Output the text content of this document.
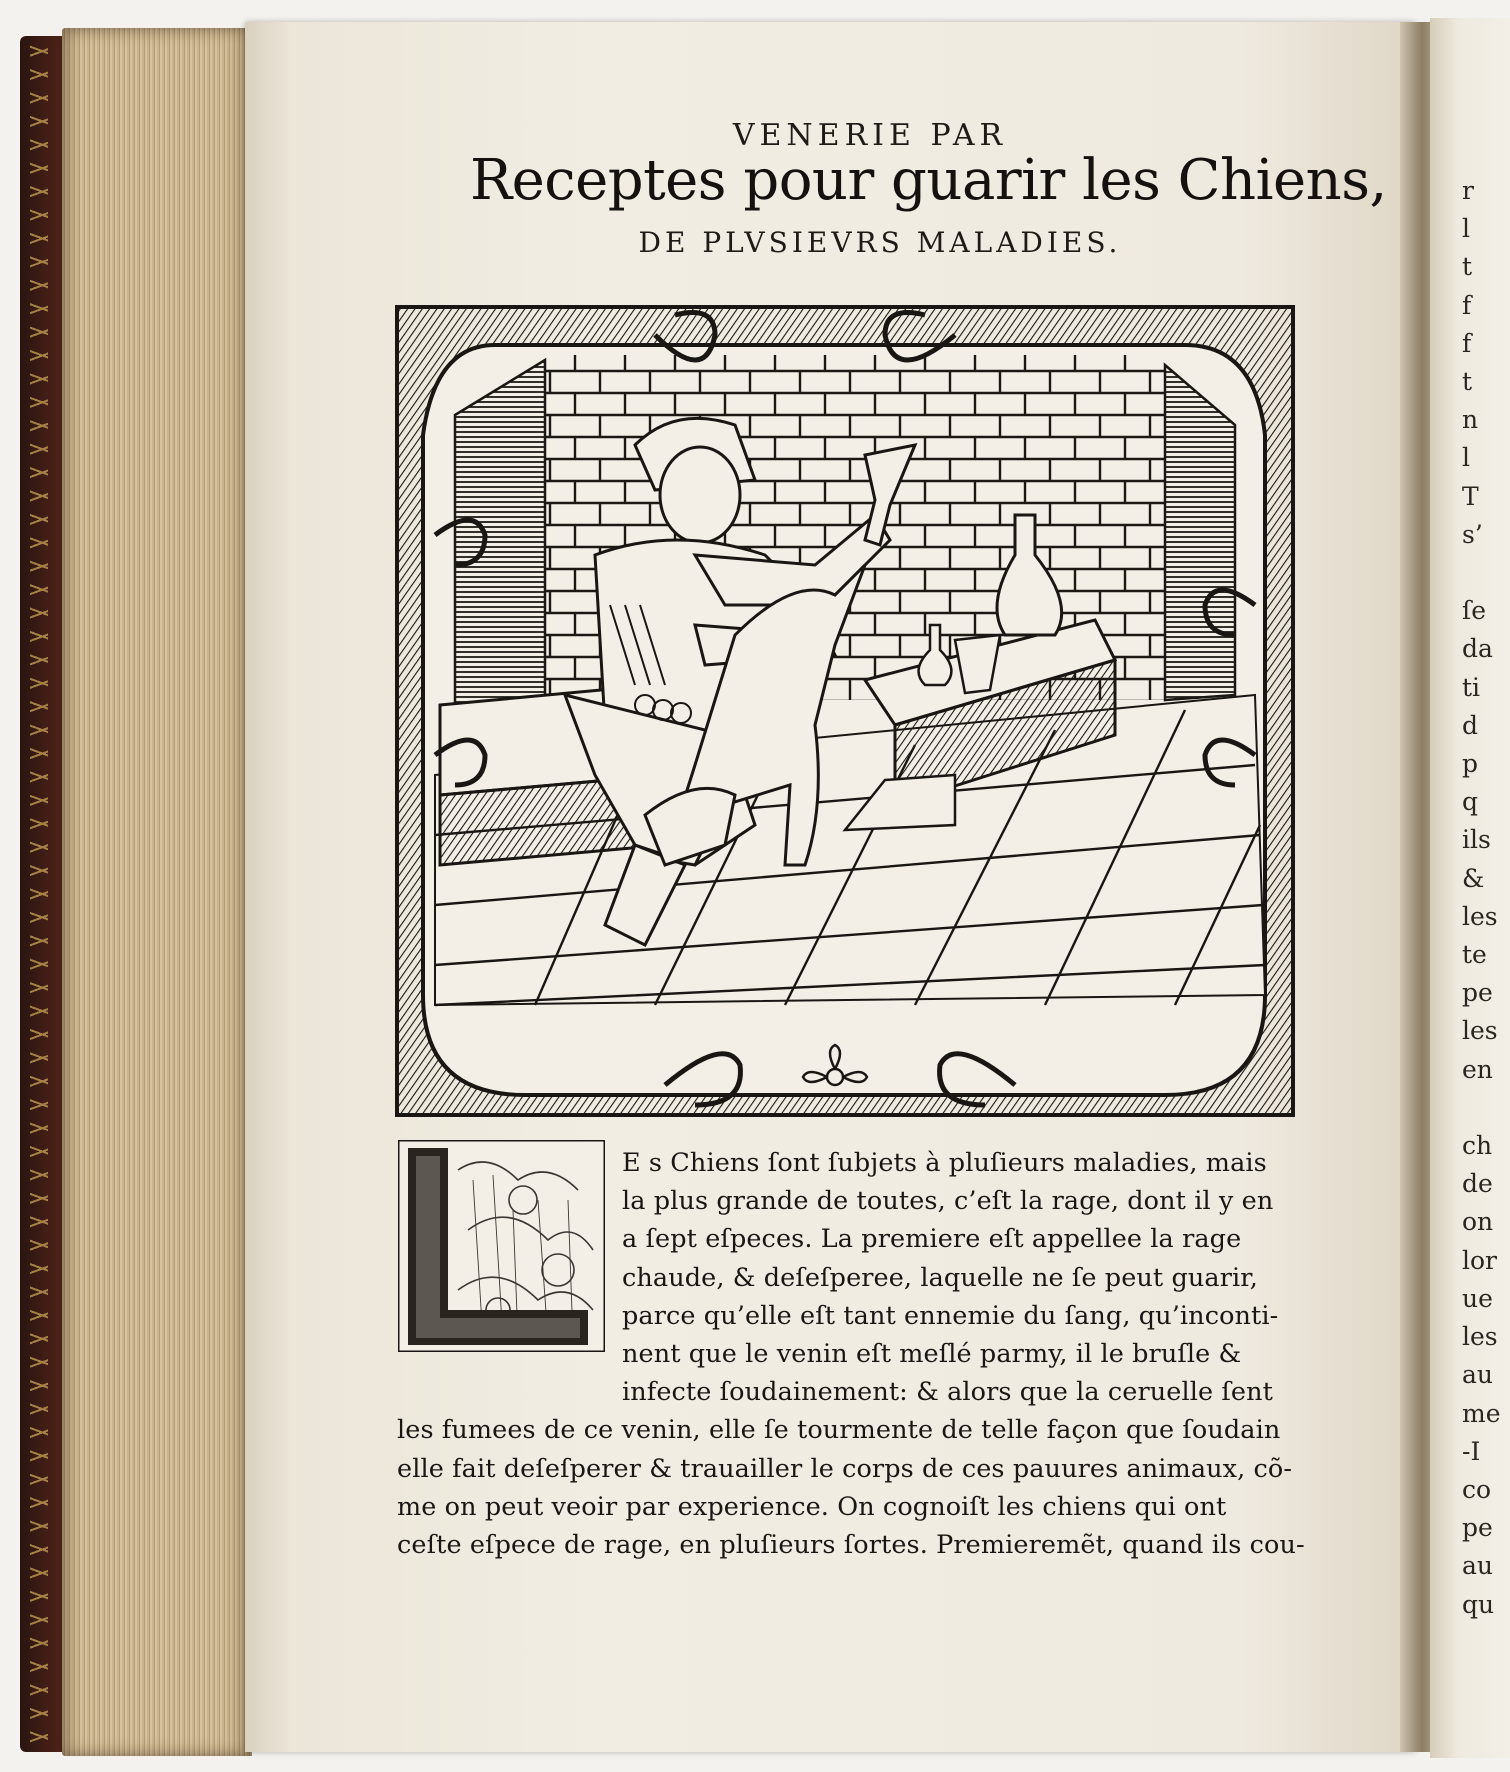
r
l
t
f
f
t
n
l
T
s’

ſe
da
ti
d
p
q
ils
&
les
te
pe
les
en

ch
de
on
lor
ue
les
au
me
-I
co
pe
au
qu
VENERIE PAR
Receptes pour guarir les Chiens,
DE PLVSIEVRS MALADIES.
E s Chiens ſont ſubjets à pluſieurs maladies, mais
la plus grande de toutes, c’eſt la rage, dont il y en
a ſept eſpeces. La premiere eſt appellee la rage
chaude, & deſeſperee, laquelle ne ſe peut guarir,
parce qu’elle eſt tant ennemie du ſang, qu’inconti-
nent que le venin eſt meſlé parmy, il le bruſle &
infecte ſoudainement: & alors que la ceruelle ſent
les fumees de ce venin, elle ſe tourmente de telle façon que ſoudain
elle fait deſeſperer & trauailler le corps de ces pauures animaux, cõ-
me on peut veoir par experience. On cognoiſt les chiens qui ont
ceſte eſpece de rage, en pluſieurs ſortes. Premieremẽt, quand ils cou-
